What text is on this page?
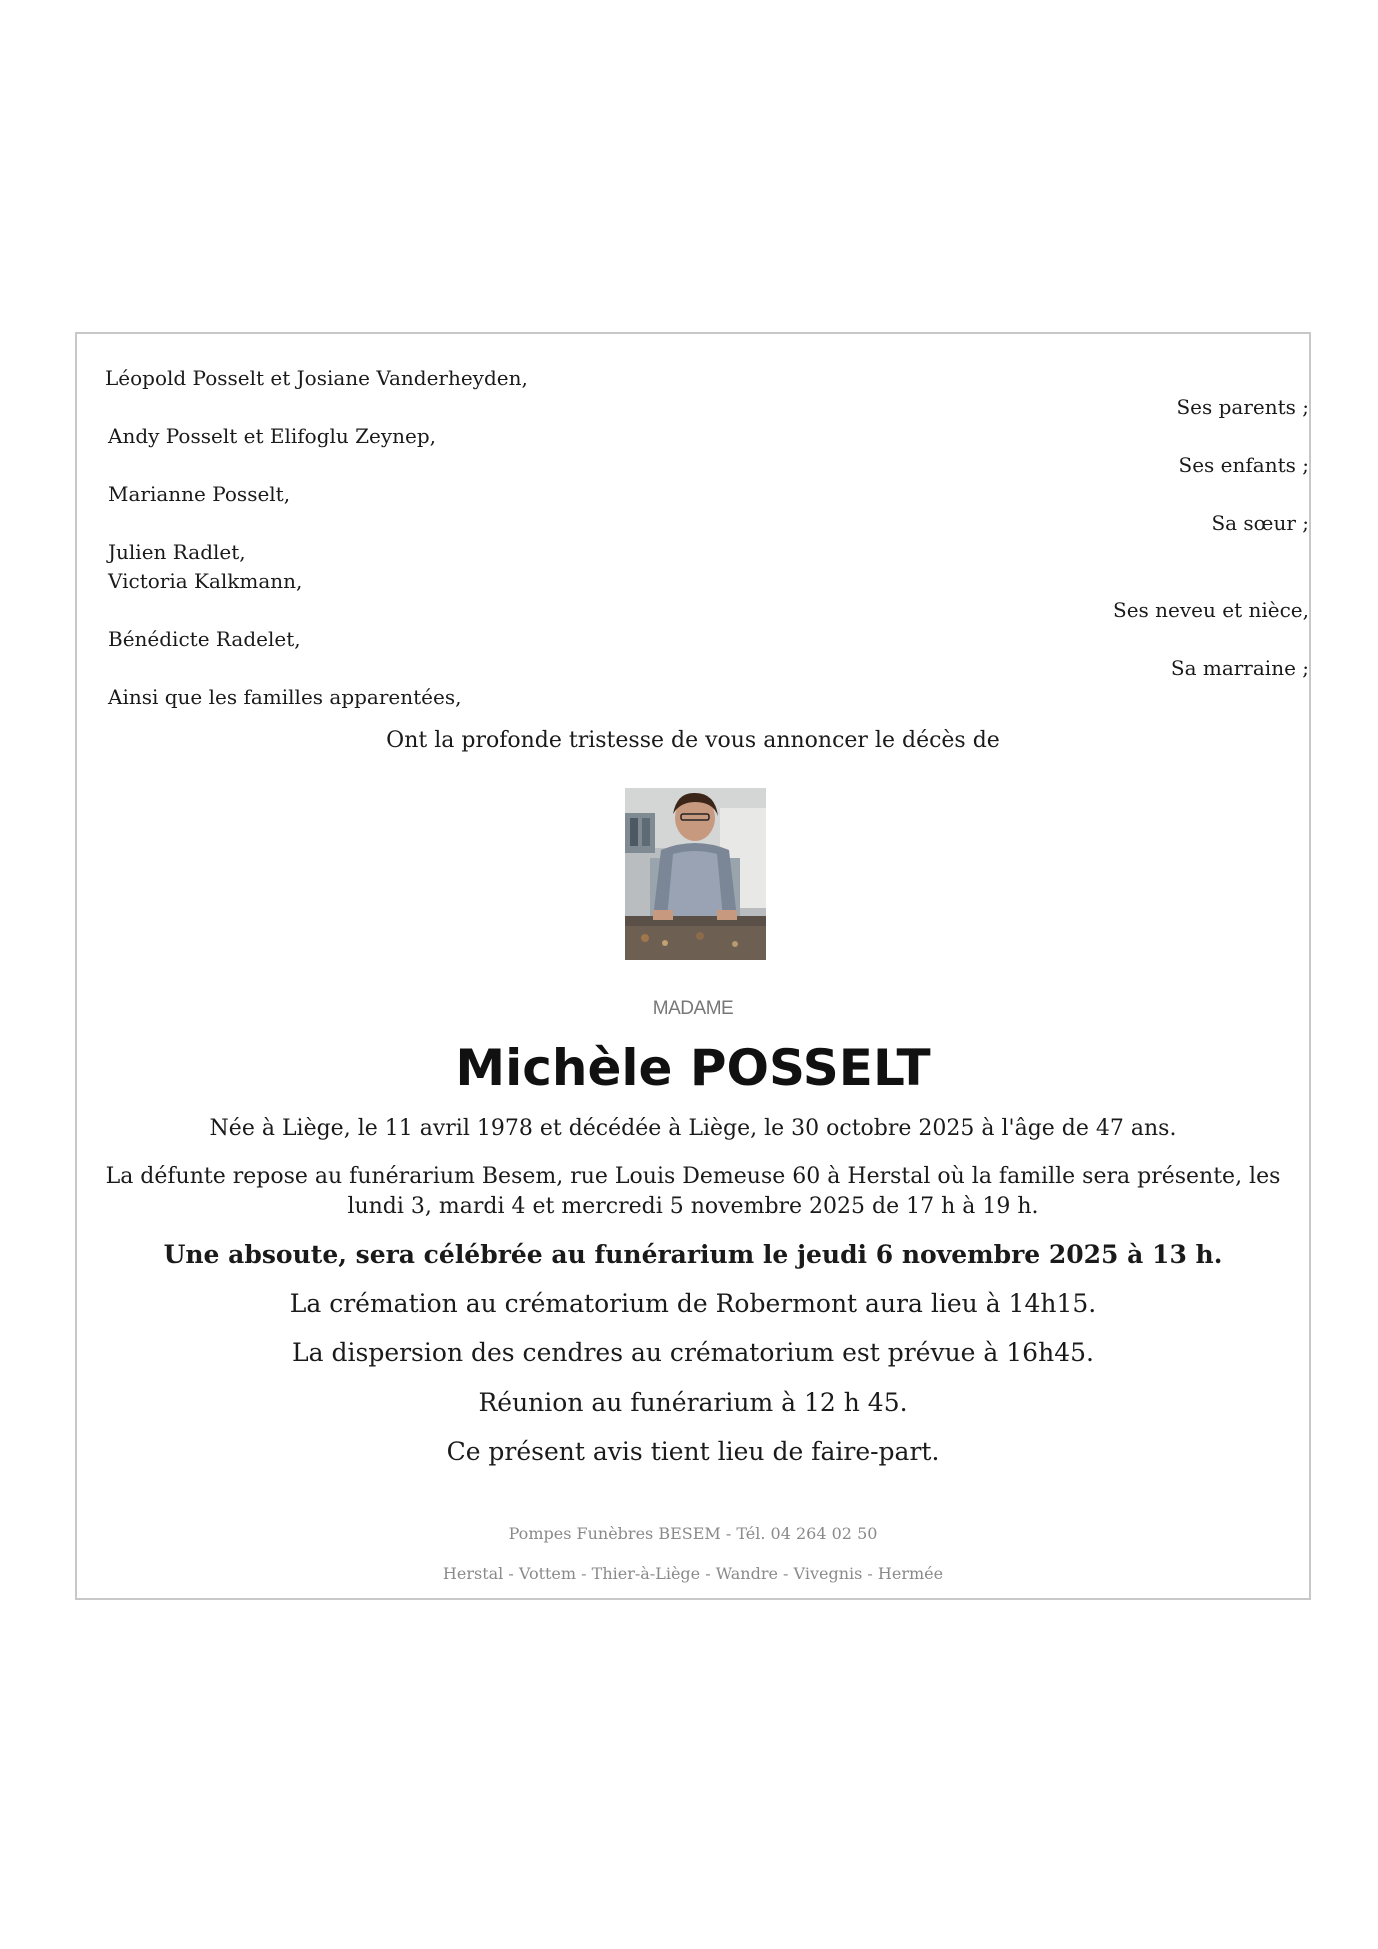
Léopold Posselt et Josiane Vanderheyden,
Ses parents ;
Andy Posselt et Elifoglu Zeynep,
Ses enfants ;
Marianne Posselt,
Sa sœur ;
Julien Radlet,
Victoria Kalkmann,
Ses neveu et nièce,
Bénédicte Radelet,
Sa marraine ;
Ainsi que les familles apparentées,
Ont la profonde tristesse de vous annoncer le décès de
MADAME
Michèle POSSELT
Née à Liège, le 11 avril 1978 et décédée à Liège, le 30 octobre 2025 à l'âge de 47 ans.
La défunte repose au funérarium Besem, rue Louis Demeuse 60 à Herstal où la famille sera présente, les lundi 3, mardi 4 et mercredi 5 novembre 2025 de 17 h à 19 h.
Une absoute, sera célébrée au funérarium le jeudi 6 novembre 2025 à 13 h.
La crémation au crématorium de Robermont aura lieu à 14h15.
La dispersion des cendres au crématorium est prévue à 16h45.
Réunion au funérarium à 12 h 45.
Ce présent avis tient lieu de faire-part.
Pompes Funèbres BESEM - Tél. 04 264 02 50
Herstal - Vottem - Thier-à-Liège - Wandre - Vivegnis - Hermée
